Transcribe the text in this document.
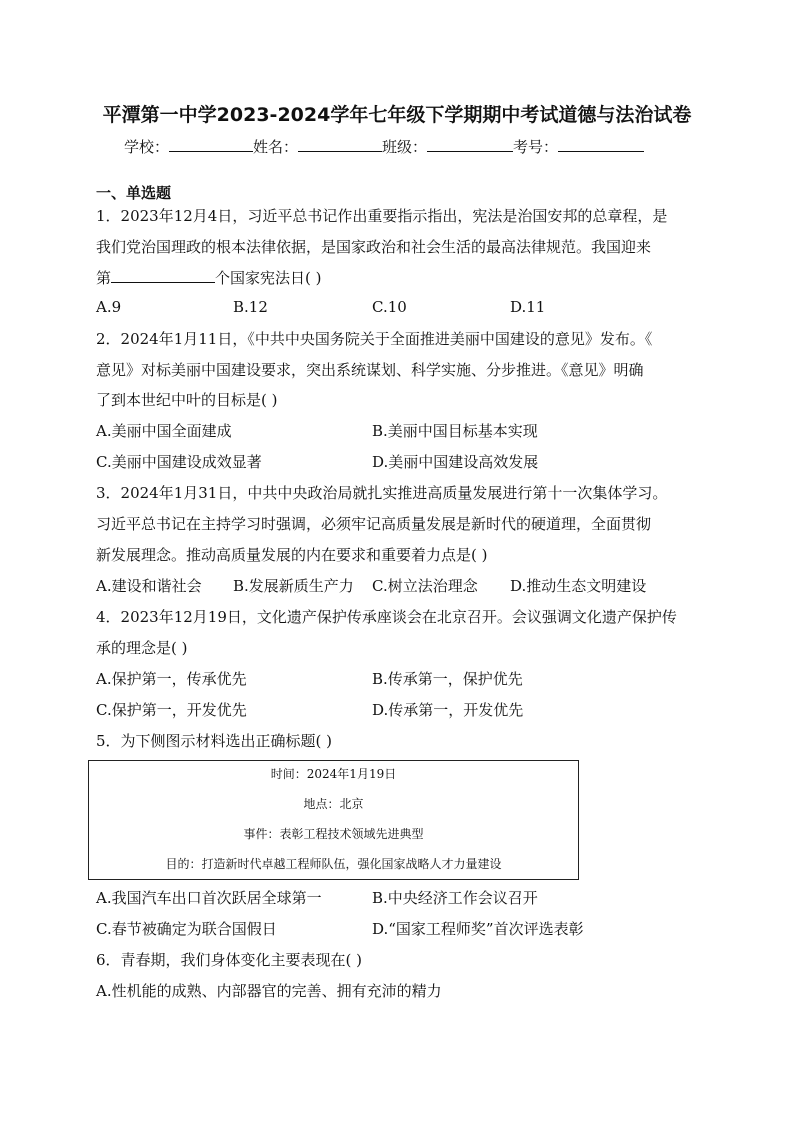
平潭第一中学2023-2024学年七年级下学期期中考试道德与法治试卷
学校：	姓名：	班级：	考号：
一、单选题
1．2023年12月4日，习近平总书记作出重要指示指出，宪法是治国安邦的总章程，是
我们党治国理政的根本法律依据，是国家政治和社会生活的最高法律规范。我国迎来
第	个国家宪法日( )
A.9	B.12	C.10	D.11
2．2024年1月11日，《中共中央国务院关于全面推进美丽中国建设的意见》发布。《
意见》对标美丽中国建设要求，突出系统谋划、科学实施、分步推进。《意见》明确
了到本世纪中叶的目标是( )
A.美丽中国全面建成	B.美丽中国目标基本实现
C.美丽中国建设成效显著	D.美丽中国建设高效发展
3．2024年1月31日，中共中央政治局就扎实推进高质量发展进行第十一次集体学习。
习近平总书记在主持学习时强调，必须牢记高质量发展是新时代的硬道理，全面贯彻
新发展理念。推动高质量发展的内在要求和重要着力点是( )
A.建设和谐社会 B.发展新质生产力 C.树立法治理念 D.推动生态文明建设
4．2023年12月19日，文化遗产保护传承座谈会在北京召开。会议强调文化遗产保护传
承的理念是( )
A.保护第一，传承优先	B.传承第一，保护优先
C.保护第一，开发优先	D.传承第一，开发优先
5．为下侧图示材料选出正确标题( )
时间：2024年1月19日
地点：北京
事件：表彰工程技术领域先进典型
目的：打造新时代卓越工程师队伍，强化国家战略人才力量建设
A.我国汽车出口首次跃居全球第一	B.中央经济工作会议召开
C.春节被确定为联合国假日	D.“国家工程师奖”首次评选表彰
6．青春期，我们身体变化主要表现在( )
A.性机能的成熟、内部器官的完善、拥有充沛的精力
